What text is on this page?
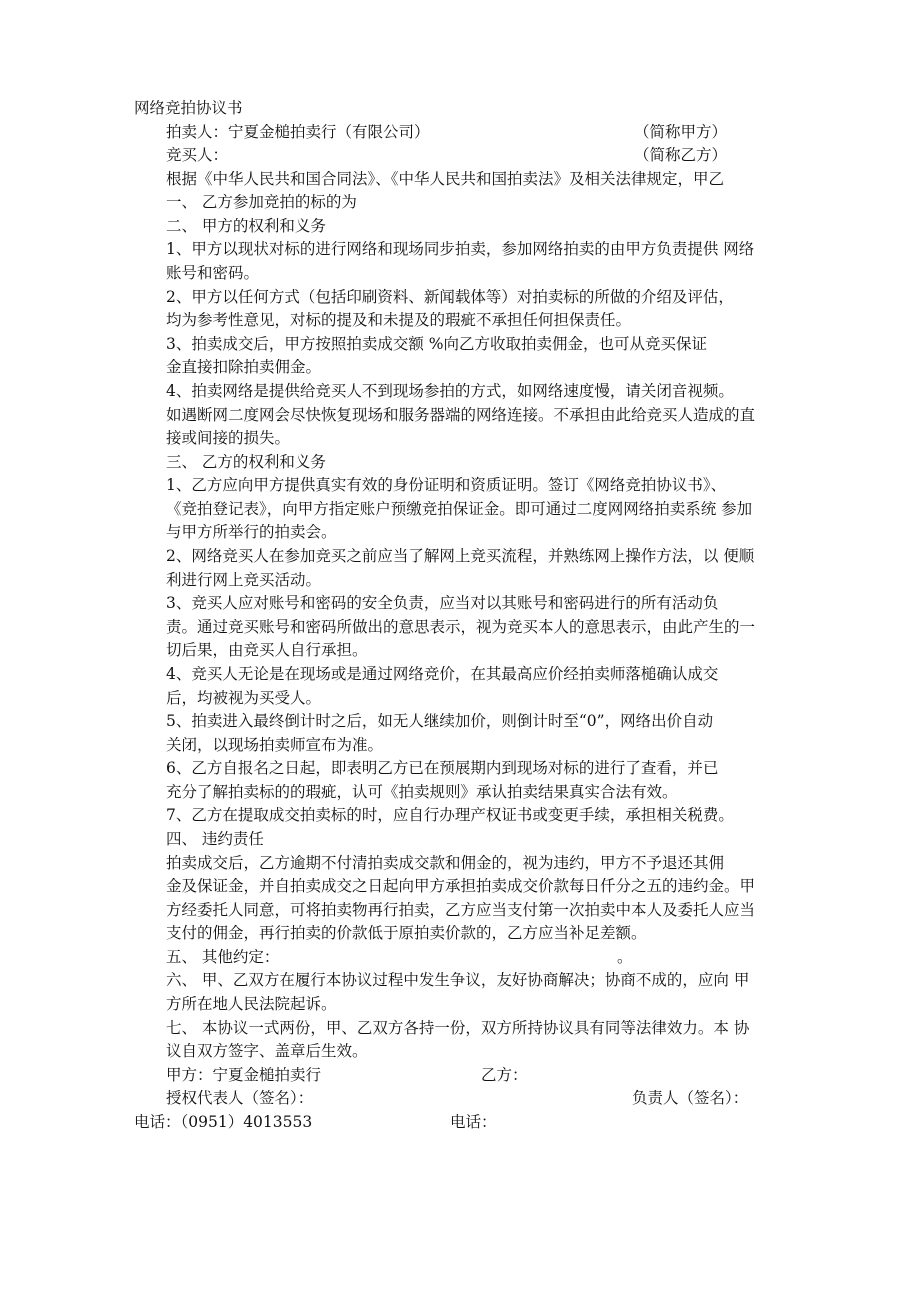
网络竞拍协议书
拍卖人：宁夏金槌拍卖行（有限公司）	（简称甲方）
竞买人：	（简称乙方）
根据《中华人民共和国合同法》、《中华人民共和国拍卖法》及相关法律规定，甲乙
一、 乙方参加竞拍的标的为
二、 甲方的权利和义务
1、甲方以现状对标的进行网络和现场同步拍卖，参加网络拍卖的由甲方负责提供 网络
账号和密码。
2、甲方以任何方式（包括印刷资料、新闻载体等）对拍卖标的所做的介绍及评估，
均为参考性意见，对标的提及和未提及的瑕疵不承担任何担保责任。
3、拍卖成交后，甲方按照拍卖成交额 %向乙方收取拍卖佣金，也可从竞买保证
金直接扣除拍卖佣金。
4、拍卖网络是提供给竞买人不到现场参拍的方式，如网络速度慢，请关闭音视频。
如遇断网二度网会尽快恢复现场和服务器端的网络连接。不承担由此给竞买人造成的直
接或间接的损失。
三、 乙方的权利和义务
1、乙方应向甲方提供真实有效的身份证明和资质证明。签订《网络竞拍协议书》、
《竞拍登记表》，向甲方指定账户预缴竞拍保证金。即可通过二度网网络拍卖系统 参加
与甲方所举行的拍卖会。
2、网络竞买人在参加竞买之前应当了解网上竞买流程，并熟练网上操作方法，以 便顺
利进行网上竞买活动。
3、竞买人应对账号和密码的安全负责，应当对以其账号和密码进行的所有活动负
责。通过竞买账号和密码所做出的意思表示，视为竞买本人的意思表示，由此产生的一
切后果，由竞买人自行承担。
4、竞买人无论是在现场或是通过网络竞价，在其最高应价经拍卖师落槌确认成交
后，均被视为买受人。
5、拍卖进入最终倒计时之后，如无人继续加价，则倒计时至“0”，网络出价自动
关闭，以现场拍卖师宣布为准。
6、乙方自报名之日起，即表明乙方已在预展期内到现场对标的进行了查看，并已
充分了解拍卖标的的瑕疵，认可《拍卖规则》承认拍卖结果真实合法有效。
7、乙方在提取成交拍卖标的时，应自行办理产权证书或变更手续，承担相关税费。
四、 违约责任
拍卖成交后，乙方逾期不付清拍卖成交款和佣金的，视为违约，甲方不予退还其佣
金及保证金，并自拍卖成交之日起向甲方承担拍卖成交价款每日仟分之五的违约金。甲
方经委托人同意，可将拍卖物再行拍卖，乙方应当支付第一次拍卖中本人及委托人应当
支付的佣金，再行拍卖的价款低于原拍卖价款的，乙方应当补足差额。
五、 其他约定：	。
六、 甲、乙双方在履行本协议过程中发生争议，友好协商解决；协商不成的，应向 甲
方所在地人民法院起诉。
七、 本协议一式两份，甲、乙双方各持一份，双方所持协议具有同等法律效力。本 协
议自双方签字、盖章后生效。
甲方：宁夏金槌拍卖行	乙方：
授权代表人（签名）：	负责人（签名）：
电话：（0951）4013553	电话：
